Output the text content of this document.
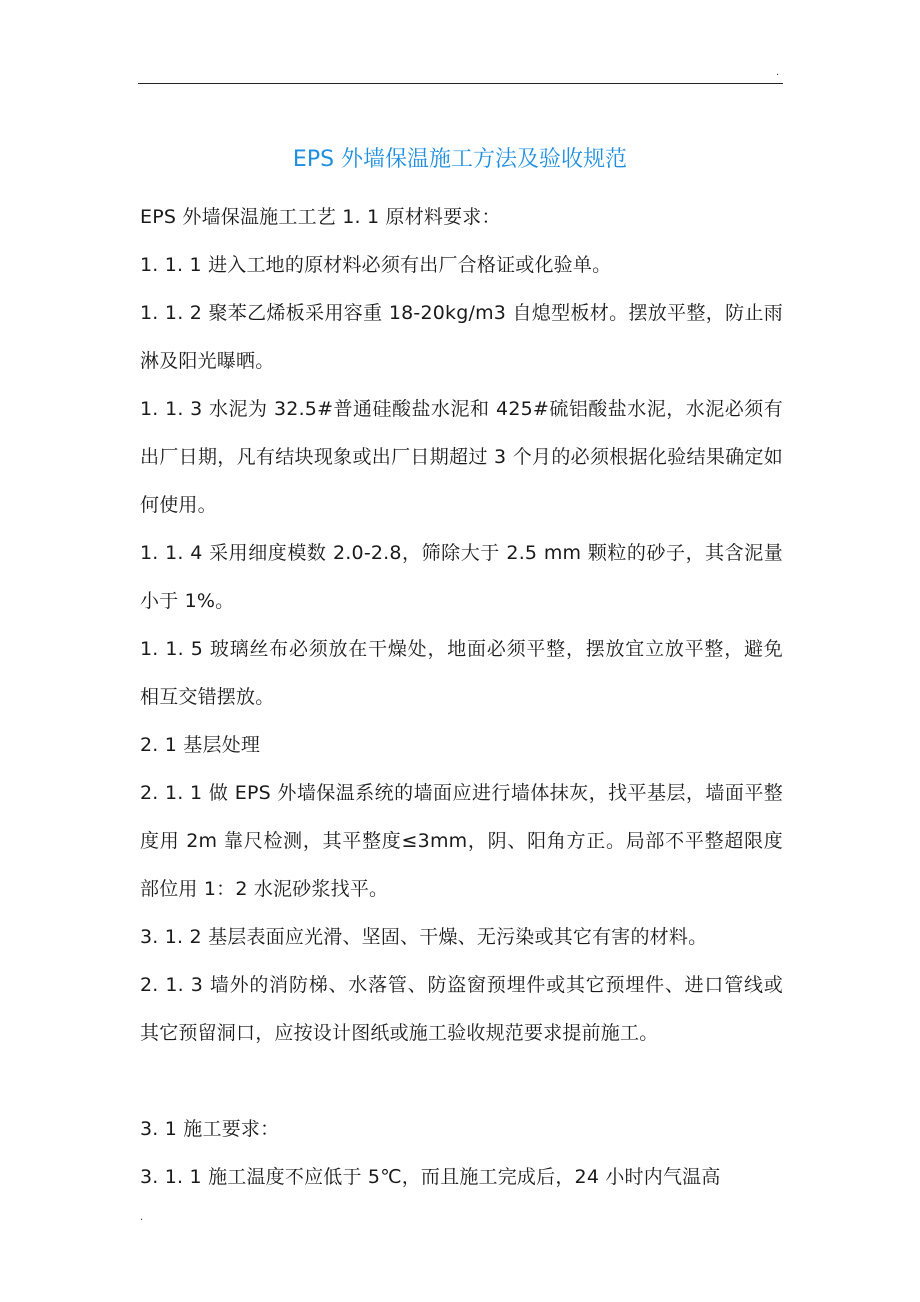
.
EPS 外墙保温施工方法及验收规范

EPS 外墙保温施工工艺 1. 1 原材料要求：

1. 1. 1 进入工地的原材料必须有出厂合格证或化验单。

1. 1. 2 聚苯乙烯板采用容重 18-20kg/m3 自熄型板材。摆放平整，防止雨 淋及阳光曝晒。

1. 1. 3 水泥为 32.5#普通硅酸盐水泥和 425#硫铝酸盐水泥，水泥必须有出厂日期，凡有结块现象或出厂日期超过 3 个月的必须根据化验结果确定如何使用。

1. 1. 4 采用细度模数 2.0-2.8，筛除大于 2.5 mm 颗粒的砂子，其含泥量小于 1%。

1. 1. 5 玻璃丝布必须放在干燥处，地面必须平整，摆放宜立放平整，避免相互交错摆放。

2. 1 基层处理

2. 1. 1 做 EPS 外墙保温系统的墙面应进行墙体抹灰，找平基层，墙面平整度用 2m 靠尺检测，其平整度≤3mm，阴、阳角方正。局部不平整超限度部位用 1：2 水泥砂浆找平。

3. 1. 2 基层表面应光滑、坚固、干燥、无污染或其它有害的材料。

2. 1. 3 墙外的消防梯、水落管、防盗窗预埋件或其它预埋件、进口管线或其它预留洞口，应按设计图纸或施工验收规范要求提前施工。

3. 1 施工要求：

3. 1. 1 施工温度不应低于 5℃，而且施工完成后，24 小时内气温高

.
